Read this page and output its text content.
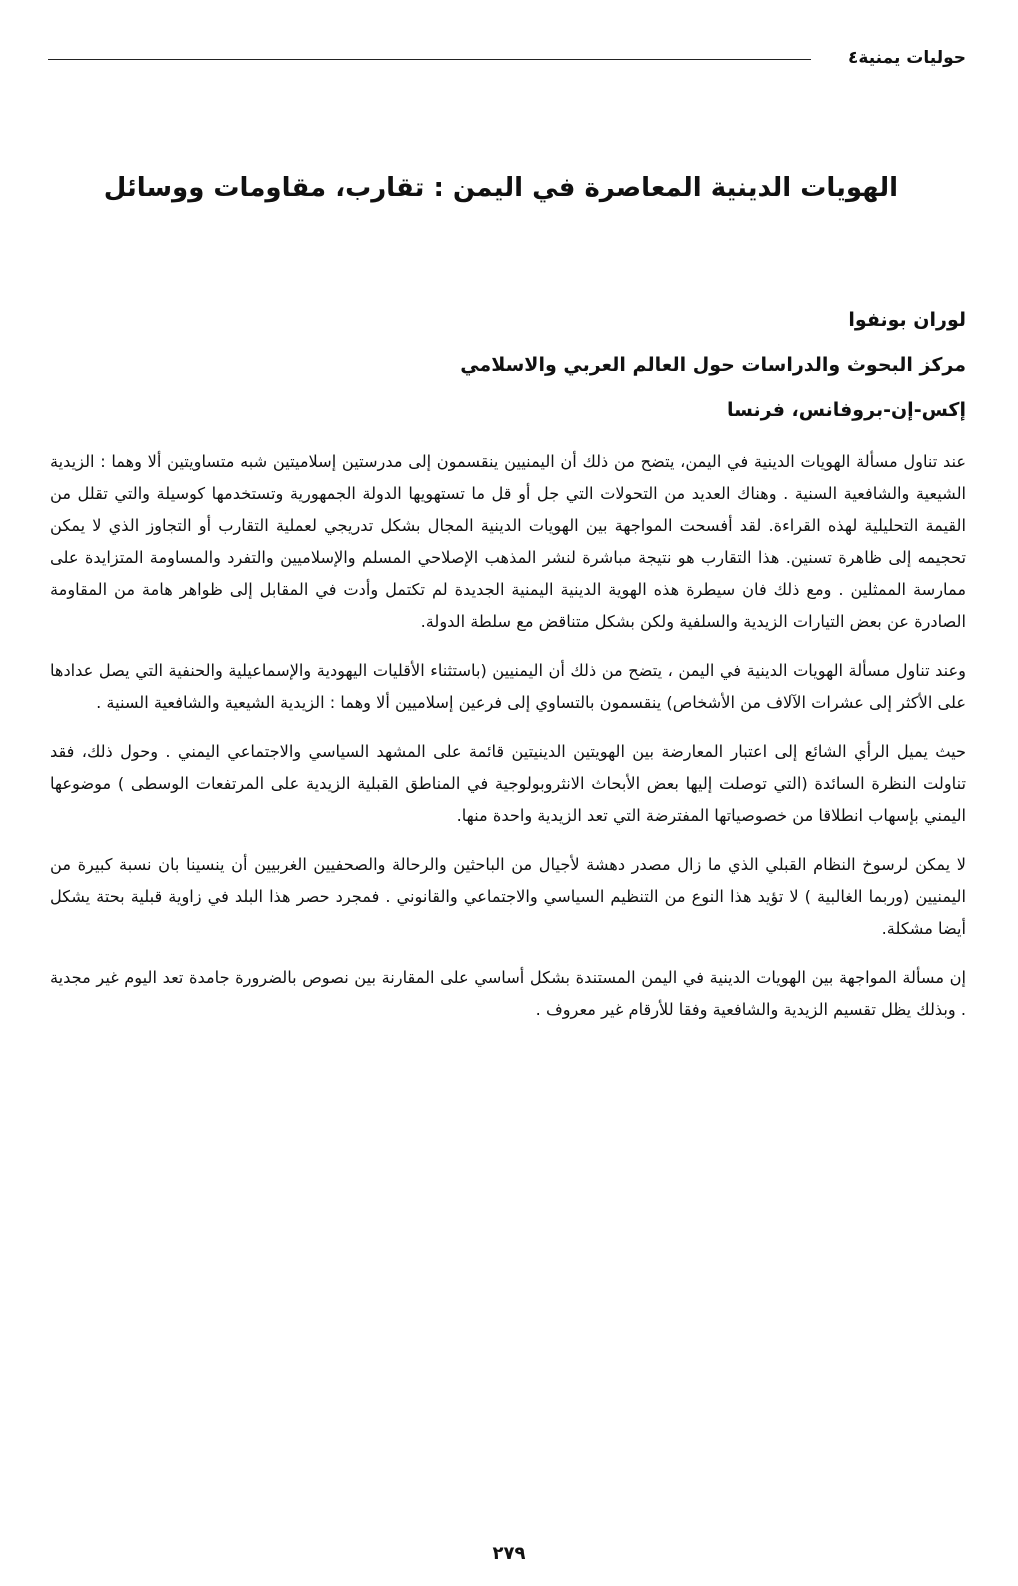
حوليات يمنية٤
الهويات الدينية المعاصرة في اليمن : تقارب، مقاومات ووسائل
لوران بونفوا
مركز البحوث والدراسات حول العالم العربي والاسلامي
إكس-إن-بروفانس، فرنسا

عند تناول مسألة الهويات الدينية في اليمن، يتضح من ذلك أن اليمنيين ينقسمون إلى مدرستين إسلاميتين شبه متساويتين ألا وهما : الزيدية الشيعية والشافعية السنية . وهناك العديد من التحولات التي جل أو قل ما تستهويها الدولة الجمهورية وتستخدمها كوسيلة والتي تقلل من القيمة التحليلية لهذه القراءة. لقد أفسحت المواجهة بين الهويات الدينية المجال بشكل تدريجي لعملية التقارب أو التجاوز الذي لا يمكن تحجيمه إلى ظاهرة تسنين. هذا التقارب هو نتيجة مباشرة لنشر المذهب الإصلاحي المسلم والإسلاميين والتفرد والمساومة المتزايدة على ممارسة الممثلين . ومع ذلك فان سيطرة هذه الهوية الدينية اليمنية الجديدة لم تكتمل وأدت في المقابل إلى ظواهر هامة من المقاومة الصادرة عن بعض التيارات الزيدية والسلفية ولكن بشكل متناقض مع سلطة الدولة.

وعند تناول مسألة الهويات الدينية في اليمن ، يتضح من ذلك أن اليمنيين (باستثناء الأقليات اليهودية والإسماعيلية والحنفية التي يصل عدادها على الأكثر إلى عشرات الآلاف من الأشخاص) ينقسمون بالتساوي إلى فرعين إسلاميين ألا وهما : الزيدية الشيعية والشافعية السنية .

حيث يميل الرأي الشائع إلى اعتبار المعارضة بين الهويتين الدينيتين قائمة على المشهد السياسي والاجتماعي اليمني . وحول ذلك، فقد تناولت النظرة السائدة (التي توصلت إليها بعض الأبحاث الانثروبولوجية في المناطق القبلية الزيدية على المرتفعات الوسطى ) موضوعها اليمني بإسهاب انطلاقا من خصوصياتها المفترضة التي تعد الزيدية واحدة منها.

لا يمكن لرسوخ النظام القبلي الذي ما زال مصدر دهشة لأجيال من الباحثين والرحالة والصحفيين الغربيين أن ينسينا بان نسبة كبيرة من اليمنيين (وربما الغالبية ) لا تؤيد هذا النوع من التنظيم السياسي والاجتماعي والقانوني . فمجرد حصر هذا البلد في زاوية قبلية بحتة يشكل أيضا مشكلة.

إن مسألة المواجهة بين الهويات الدينية في اليمن المستندة بشكل أساسي على المقارنة بين نصوص بالضرورة جامدة تعد اليوم غير مجدية . وبذلك يظل تقسيم الزيدية والشافعية وفقا للأرقام غير معروف .

٢٧٩
